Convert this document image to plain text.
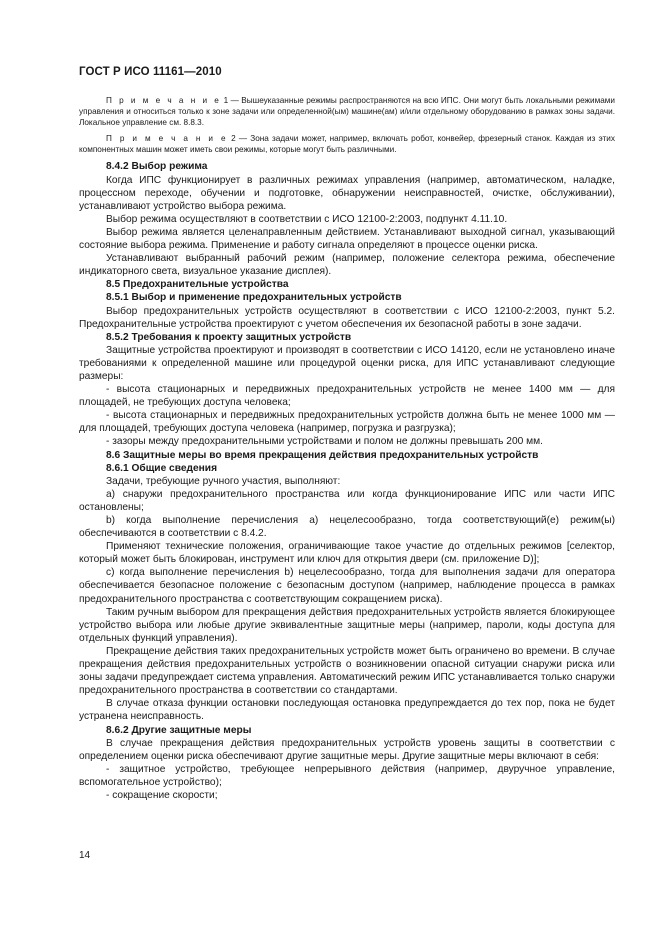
ГОСТ Р ИСО 11161—2010

П р и м е ч а н и е 1 — Вышеуказанные режимы распространяются на всю ИПС. Они могут быть локальными режимами управления и относиться только к зоне задачи или определенной(ым) машине(ам) и/или отдельному оборудованию в рамках зоны задачи. Локальное управление см. 8.8.3.

П р и м е ч а н и е 2 — Зона задачи может, например, включать робот, конвейер, фрезерный станок. Каждая из этих компонентных машин может иметь свои режимы, которые могут быть различными.

8.4.2 Выбор режима

Когда ИПС функционирует в различных режимах управления (например, автоматическом, наладке, процессном переходе, обучении и подготовке, обнаружении неисправностей, очистке, обслуживании), устанавливают устройство выбора режима.

Выбор режима осуществляют в соответствии с ИСО 12100-2:2003, подпункт 4.11.10.

Выбор режима является целенаправленным действием. Устанавливают выходной сигнал, указывающий состояние выбора режима. Применение и работу сигнала определяют в процессе оценки риска.

Устанавливают выбранный рабочий режим (например, положение селектора режима, обеспечение индикаторного света, визуальное указание дисплея).

8.5 Предохранительные устройства

8.5.1 Выбор и применение предохранительных устройств

Выбор предохранительных устройств осуществляют в соответствии с ИСО 12100-2:2003, пункт 5.2. Предохранительные устройства проектируют с учетом обеспечения их безопасной работы в зоне задачи.

8.5.2 Требования к проекту защитных устройств

Защитные устройства проектируют и производят в соответствии с ИСО 14120, если не установлено иначе требованиями к определенной машине или процедурой оценки риска, для ИПС устанавливают следующие размеры:

- высота стационарных и передвижных предохранительных устройств не менее 1400 мм — для площадей, не требующих доступа человека;

- высота стационарных и передвижных предохранительных устройств должна быть не менее 1000 мм — для площадей, требующих доступа человека (например, погрузка и разгрузка);

- зазоры между предохранительными устройствами и полом не должны превышать 200 мм.

8.6 Защитные меры во время прекращения действия предохранительных устройств

8.6.1 Общие сведения

Задачи, требующие ручного участия, выполняют:

а) снаружи предохранительного пространства или когда функционирование ИПС или части ИПС остановлены;

b) когда выполнение перечисления а) нецелесообразно, тогда соответствующий(е) режим(ы) обеспечиваются в соответствии с 8.4.2.

Применяют технические положения, ограничивающие такое участие до отдельных режимов [селектор, который может быть блокирован, инструмент или ключ для открытия двери (см. приложение D)];

c) когда выполнение перечисления b) нецелесообразно, тогда для выполнения задачи для оператора обеспечивается безопасное положение с безопасным доступом (например, наблюдение процесса в рамках предохранительного пространства с соответствующим сокращением риска).

Таким ручным выбором для прекращения действия предохранительных устройств является блокирующее устройство выбора или любые другие эквивалентные защитные меры (например, пароли, коды доступа для отдельных функций управления).

Прекращение действия таких предохранительных устройств может быть ограничено во времени. В случае прекращения действия предохранительных устройств о возникновении опасной ситуации снаружи риска или зоны задачи предупреждает система управления. Автоматический режим ИПС устанавливается только снаружи предохранительного пространства в соответствии со стандартами.

В случае отказа функции остановки последующая остановка предупреждается до тех пор, пока не будет устранена неисправность.

8.6.2 Другие защитные меры

В случае прекращения действия предохранительных устройств уровень защиты в соответствии с определением оценки риска обеспечивают другие защитные меры. Другие защитные меры включают в себя:

- защитное устройство, требующее непрерывного действия (например, двуручное управление, вспомогательное устройство);

- сокращение скорости;

14
